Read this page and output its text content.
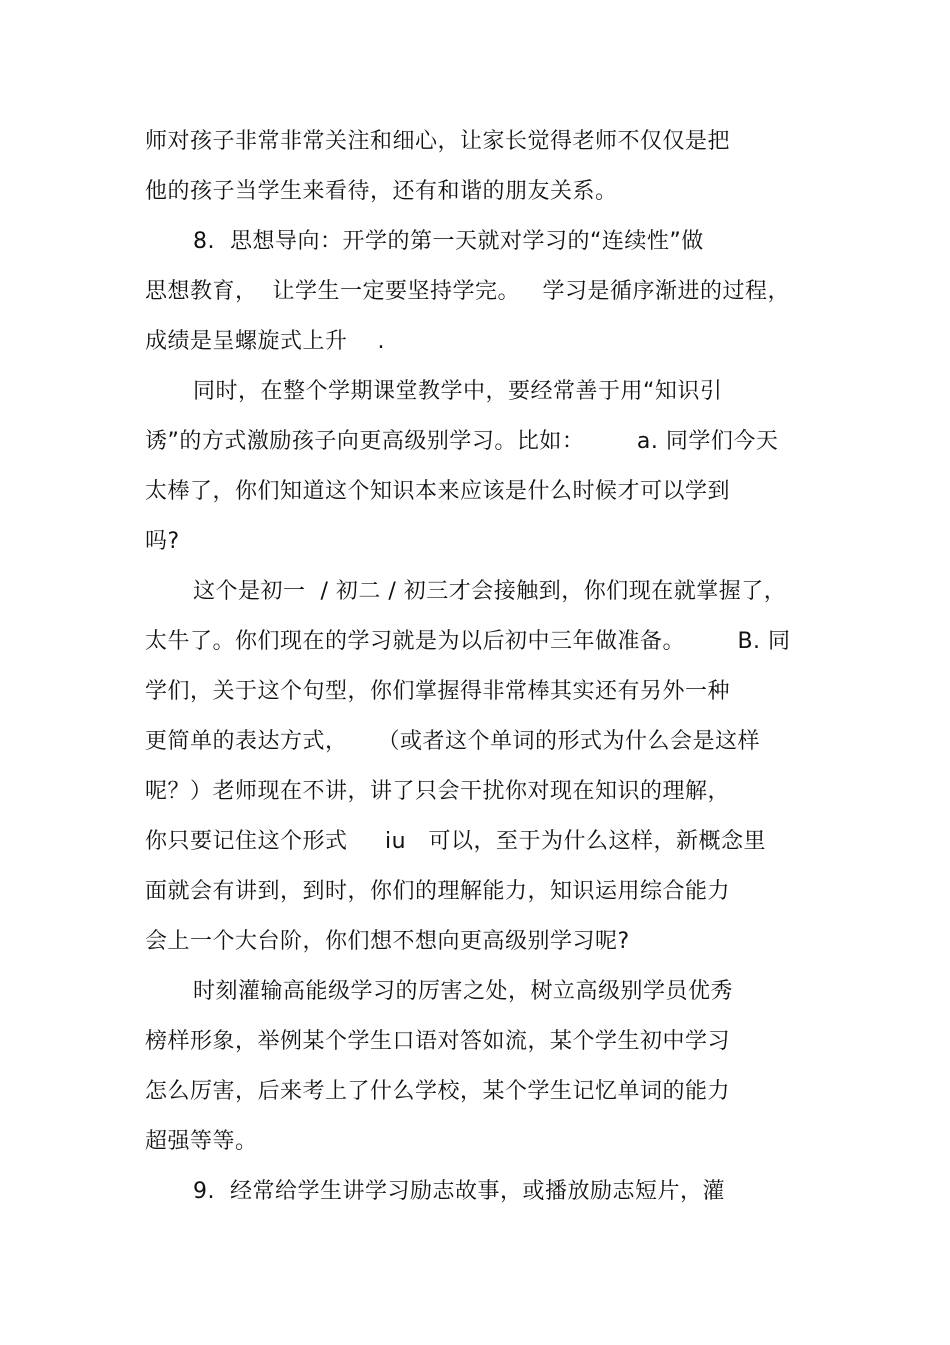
师对孩子非常非常关注和细心，让家长觉得老师不仅仅是把
他的孩子当学生来看待，还有和谐的朋友关系。
8.  思想导向：开学的第一天就对学习的“连续性”做
思想教育，  让学生一定要坚持学完。   学习是循序渐进的过程，
成绩是呈螺旋式上升    .
同时，在整个学期课堂教学中，要经常善于用“知识引
诱”的方式激励孩子向更高级别学习。比如：       a. 同学们今天
太棒了，你们知道这个知识本来应该是什么时候才可以学到
吗?
这个是初一  / 初二 / 初三才会接触到，你们现在就掌握了，
太牛了。你们现在的学习就是为以后初中三年做准备。       B. 同
学们，关于这个句型，你们掌握得非常棒其实还有另外一种
更简单的表达方式，    （或者这个单词的形式为什么会是这样
呢？）老师现在不讲，讲了只会干扰你对现在知识的理解，
你只要记住这个形式     iu   可以，至于为什么这样，新概念里
面就会有讲到，到时，你们的理解能力，知识运用综合能力
会上一个大台阶，你们想不想向更高级别学习呢?
时刻灌输高能级学习的厉害之处，树立高级别学员优秀
榜样形象，举例某个学生口语对答如流，某个学生初中学习
怎么厉害，后来考上了什么学校，某个学生记忆单词的能力
超强等等。
9.  经常给学生讲学习励志故事，或播放励志短片，灌
